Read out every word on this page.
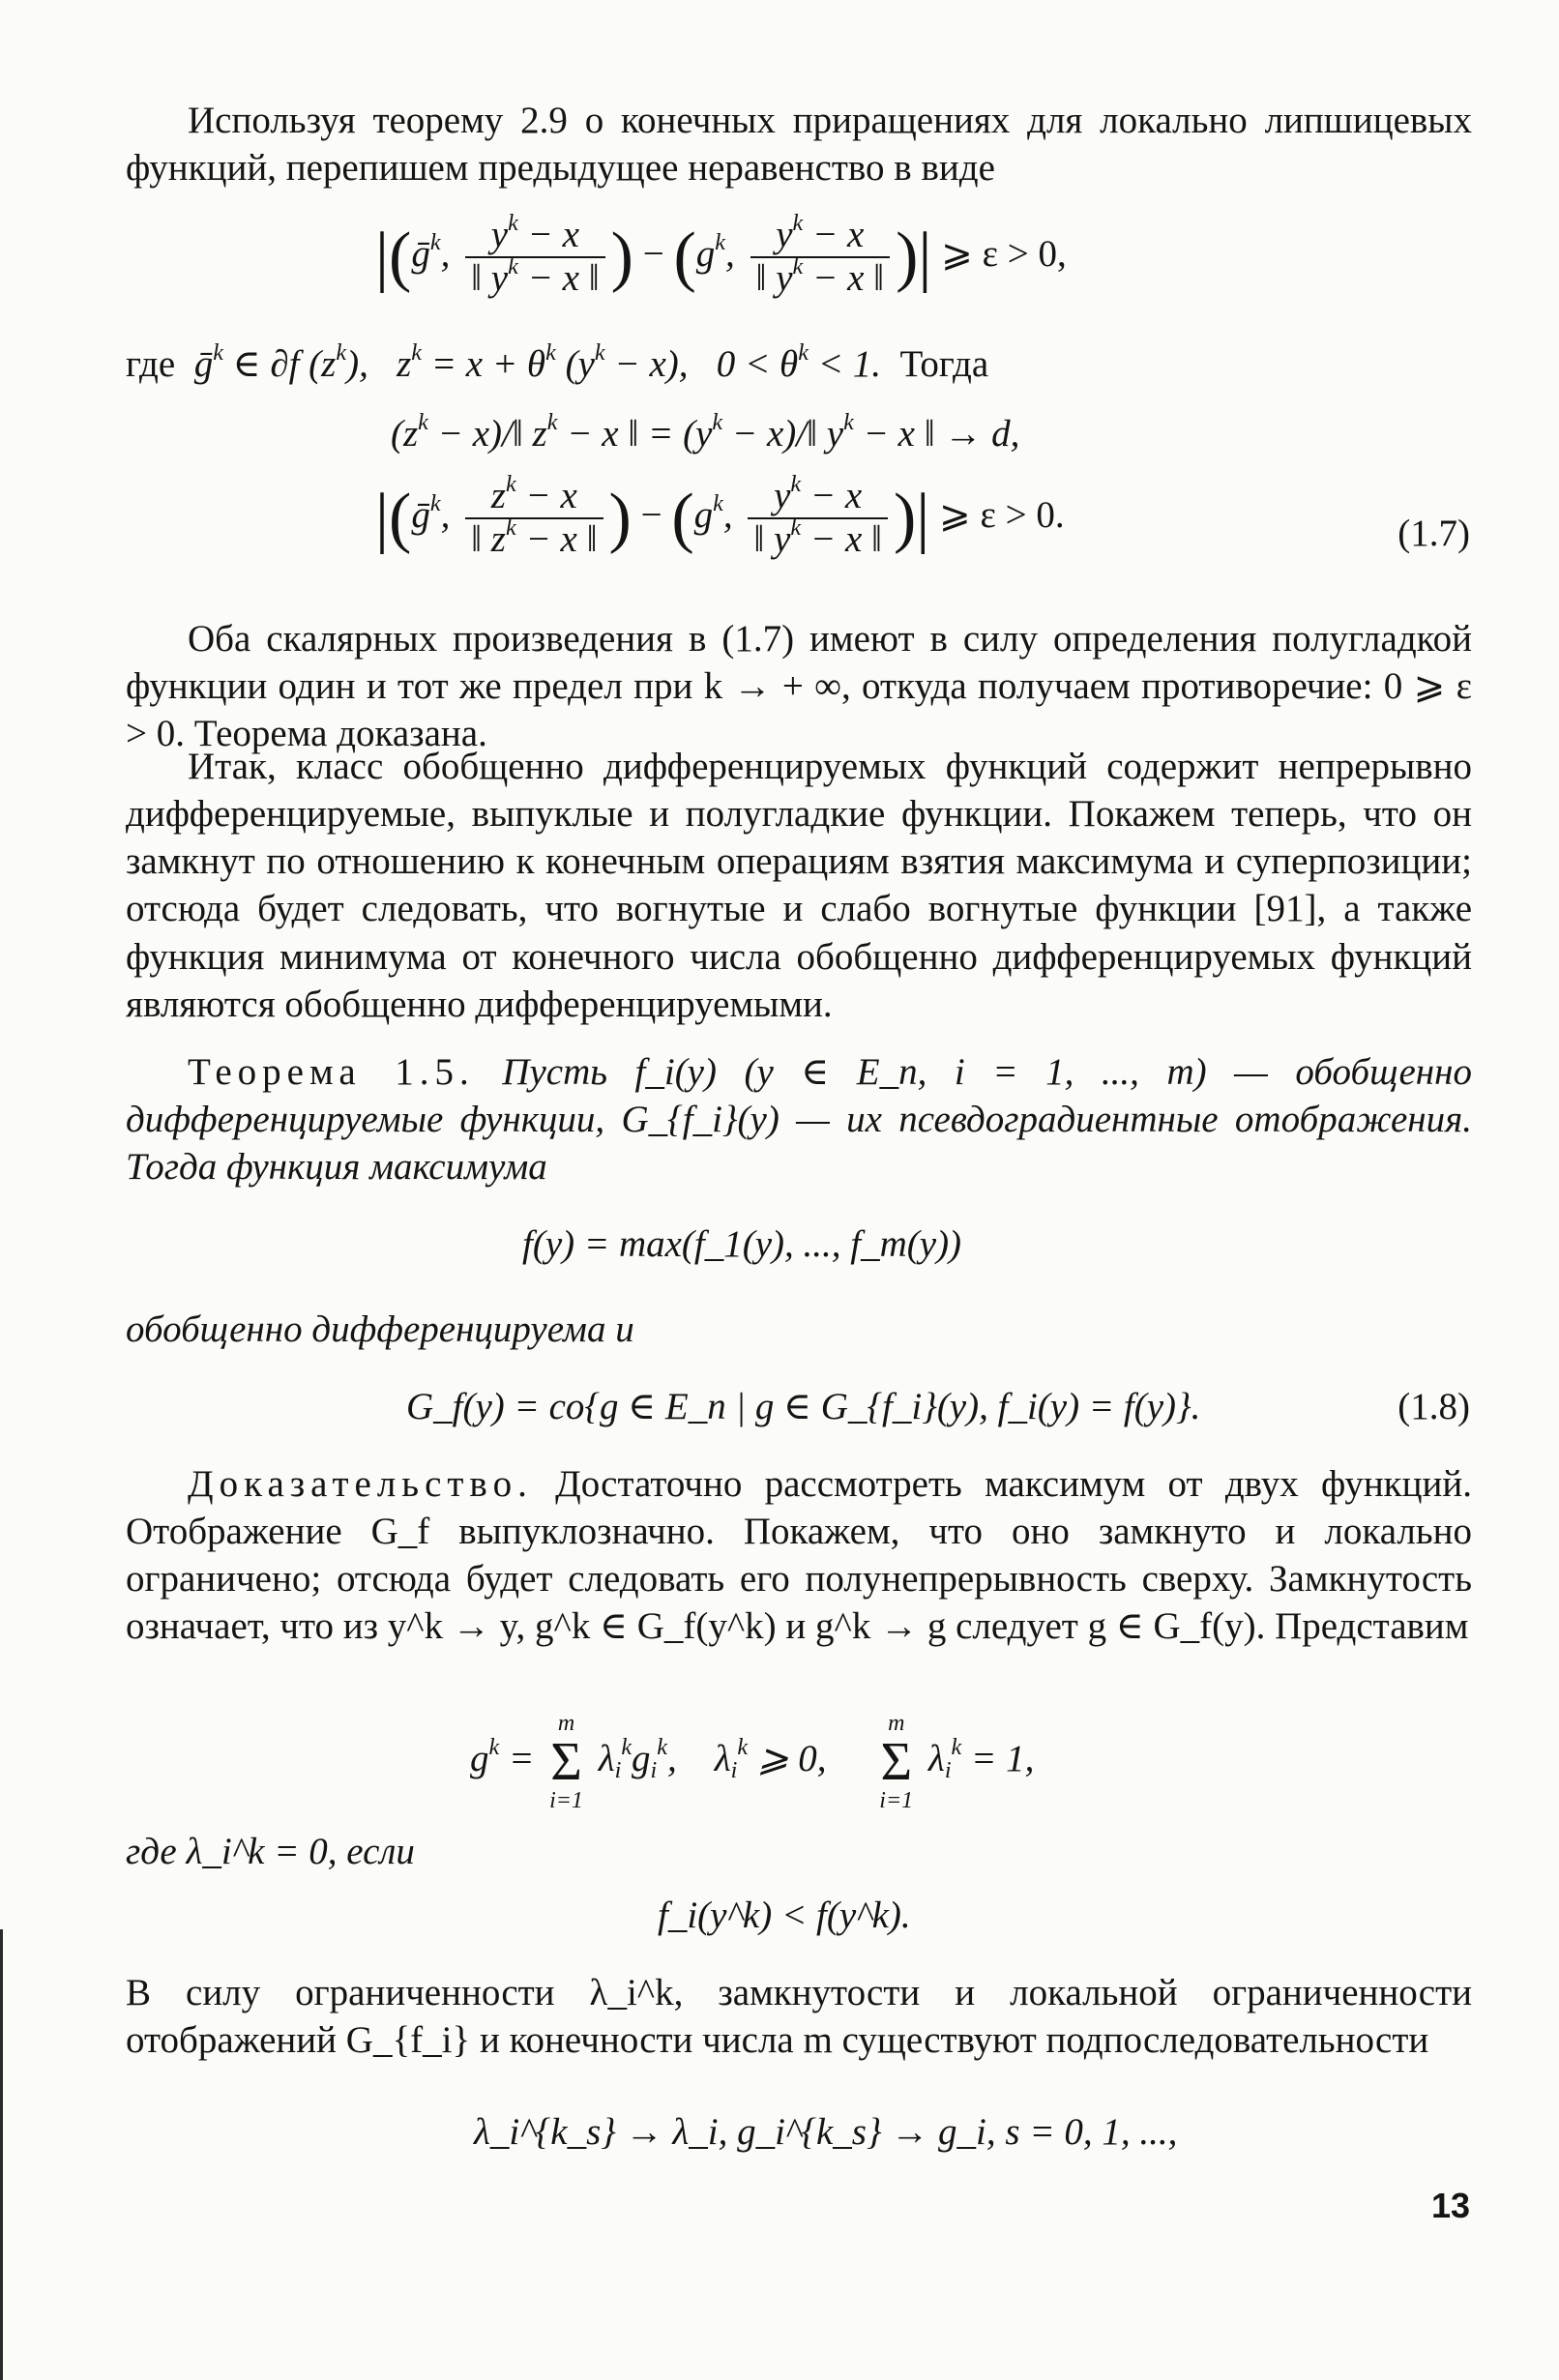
Используя теорему 2.9 о конечных приращениях для локально липшицевых функций, перепишем предыдущее неравенство в виде

|(ḡ$^k$, $\frac{y^k - x}{‖ y^k - x ‖}$ ) − ($g^k$, $\frac{y^k - x}{‖ y^k - x ‖}$ )| ⩾ ε > 0,
где ḡ$^k$ ∈ ∂f $(z^k)$,   $z^k = x + \theta^k$ $(y^k - x)$,   $0 < \theta^k < 1$. Тогда
($z^k$ − x)/‖ $z^k - x$ ‖ = ($y^k$ − x)/‖ $y^k - x$ ‖ → d,
|(ḡ$^k$, $\frac{z^k - x}{‖ z^k - x ‖}$ ) − ($g^k$, $\frac{y^k - x}{‖ y^k - x ‖}$ )| ⩾ ε > 0.	(1.7)

Оба скалярных произведения в (1.7) имеют в силу определения полугладкой функции один и тот же предел при k → + ∞, откуда получаем противоречие: 0 ⩾ ε > 0. Теорема доказана.

Итак, класс обобщенно дифференцируемых функций содержит непрерывно дифференцируемые, выпуклые и полугладкие функции. Покажем теперь, что он замкнут по отношению к конечным операциям взятия максимума и суперпозиции; отсюда будет следовать, что вогнутые и слабо вогнутые функции [91], а также функция минимума от конечного числа обобщенно дифференцируемых функций являются обобщенно дифференцируемыми.

Теорема 1.5. Пусть f_i(y) (y ∈ E_n, i = 1, ..., m) — обобщенно дифференцируемые функции, G_{f_i}(y) — их псевдоградиентные отображения. Тогда функция максимума

f(y) = max(f_1(y), ..., f_m(y))
обобщенно дифференцируема и
G_f(y) = co{g ∈ E_n | g ∈ G_{f_i}(y), f_i(y) = f(y)}.	(1.8)

Доказательство. Достаточно рассмотреть максимум от двух функций. Отображение G_f выпуклозначно. Покажем, что оно замкнуто и локально ограничено; отсюда будет следовать его полунепрерывность сверху. Замкнутость означает, что из y^k → y, g^k ∈ G_f(y^k) и g^k → g следует g ∈ G_f(y). Представим

$g^k$ =
m
Σ
i=1
$\lambda_i^kg_i^k$,    $\lambda_i^k$ ⩾ 0,
m
Σ
i=1
$\lambda_i^k = 1$,
где λ_i^k = 0, если
f_i(y^k) < f(y^k).

В силу ограниченности λ_i^k, замкнутости и локальной ограниченности отображений G_{f_i} и конечности числа m существуют подпоследовательности

λ_i^{k_s} → λ_i, g_i^{k_s} → g_i, s = 0, 1, ...,
13
